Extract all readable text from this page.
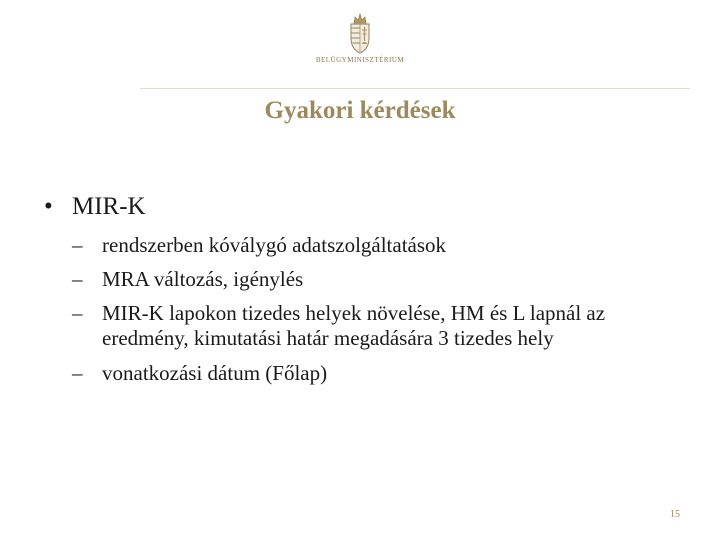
BELÜGYMINISZTÉRIUM
Gyakori kérdések
• MIR-K
– rendszerben kóválygó adatszolgáltatások
– MRA változás, igénylés
– MIR-K lapokon tizedes helyek növelése, HM és L lapnál az eredmény, kimutatási határ megadására 3 tizedes hely
– vonatkozási dátum (Főlap)
15
